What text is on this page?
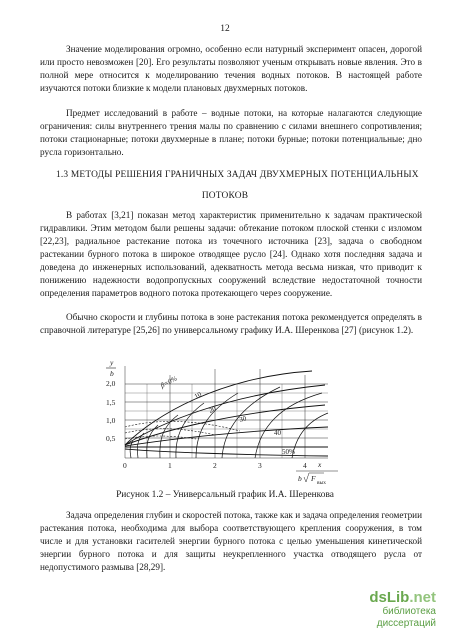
12
Значение моделирования огромно, особенно если натурный эксперимент опасен, дорогой или просто невозможен [20]. Его результаты позволяют ученым открывать новые явления. Это в полной мере относится к моделированию течения водных потоков. В настоящей работе изучаются потоки близкие к модели плановых двухмерных потоков.
Предмет исследований в работе – водные потоки, на которые налагаются следующие ограничения: силы внутреннего трения малы по сравнению с силами внешнего сопротивления; потоки стационарные; потоки двухмерные в плане; потоки бурные; потоки потенциальные; дно русла горизонтально.
1.3 МЕТОДЫ РЕШЕНИЯ ГРАНИЧНЫХ ЗАДАЧ ДВУХМЕРНЫХ ПОТЕНЦИАЛЬНЫХ
ПОТОКОВ
В работах [3,21] показан метод характеристик применительно к задачам практической гидравлики. Этим методом были решены задачи: обтекание потоком плоской стенки с изломом [22,23], радиальное растекание потока из точечного источника [23], задача о свободном растекании бурного потока в широкое отводящее русло [24]. Однако хотя последняя задача и доведена до инженерных использований, адекватность метода весьма низкая, что приводит к понижению надежности водопропускных сооружений вследствие недостаточной точности определения параметров водного потока протекающего через сооружение.
Обычно скорости и глубины потока в зоне растекания потока рекомендуется определять в справочной литературе [25,26] по универсальному графику И.А. Шеренкова [27] (рисунок 1.2).
y
b
2,0
1,5
1,0
0,5
β=0%
10
20
30
40
50%
0	1	2	3	4 x
b F вых
Рисунок 1.2 – Универсальный график И.А. Шеренкова
Задача определения глубин и скоростей потока, также как и задача определения геометрии растекания потока, необходима для выбора соответствующего крепления сооружения, в том числе и для установки гасителей энергии бурного потока с целью уменьшения кинетической энергии бурного потока и для защиты неукрепленного участка отводящего русла от недопустимого размыва [28,29].
dsLib.net
библиотека диссертаций
